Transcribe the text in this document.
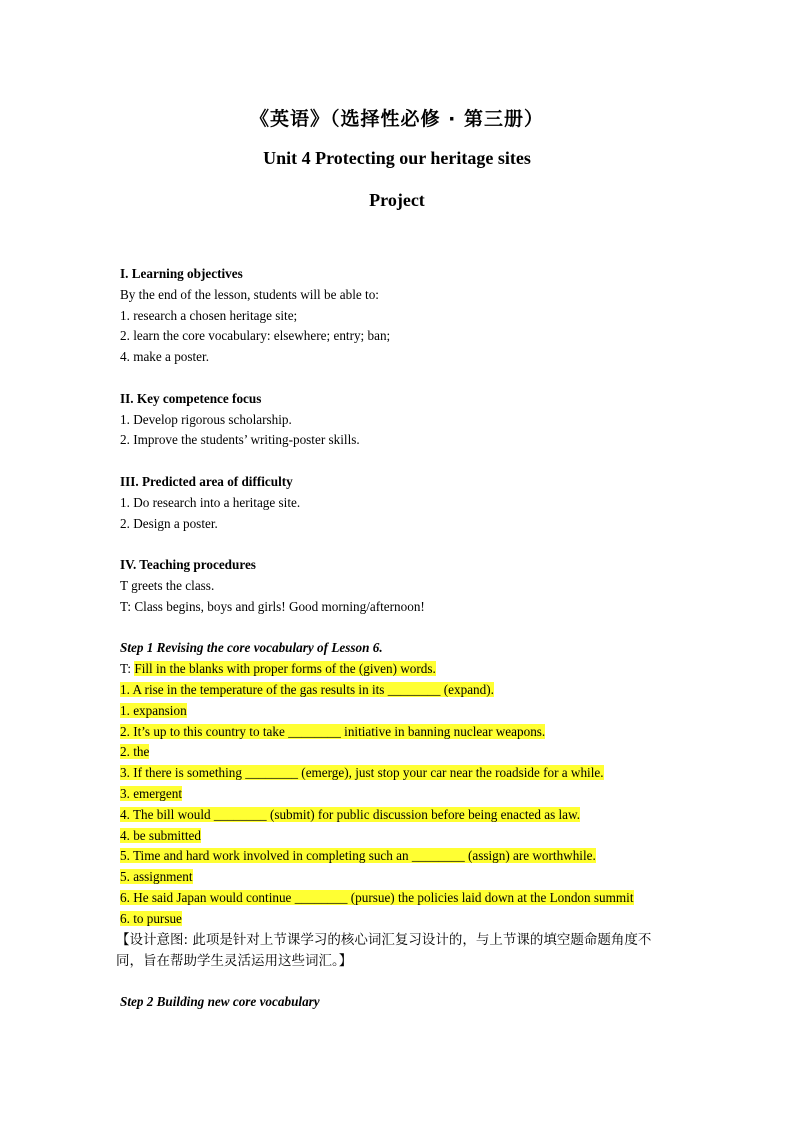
《英语》（选择性必修 · 第三册）
Unit 4 Protecting our heritage sites
Project
I. Learning objectives
By the end of the lesson, students will be able to:
1. research a chosen heritage site;
2. learn the core vocabulary: elsewhere; entry; ban;
4. make a poster.
II. Key competence focus
1. Develop rigorous scholarship.
2. Improve the students’ writing-poster skills.
III. Predicted area of difficulty
1. Do research into a heritage site.
2. Design a poster.
IV. Teaching procedures
T greets the class.
T: Class begins, boys and girls! Good morning/afternoon!
Step 1 Revising the core vocabulary of Lesson 6.
T: Fill in the blanks with proper forms of the (given) words.
1. A rise in the temperature of the gas results in its ________ (expand).
1. expansion
2. It’s up to this country to take ________ initiative in banning nuclear weapons.
2. the
3. If there is something ________ (emerge), just stop your car near the roadside for a while.
3. emergent
4. The bill would ________ (submit) for public discussion before being enacted as law.
4. be submitted
5. Time and hard work involved in completing such an ________ (assign) are worthwhile.
5. assignment
6. He said Japan would continue ________ (pursue) the policies laid down at the London summit
6. to pursue
【设计意图: 此项是针对上节课学习的核心词汇复习设计的，与上节课的填空题命题角度不同，旨在帮助学生灵活运用这些词汇。】
Step 2 Building new core vocabulary
